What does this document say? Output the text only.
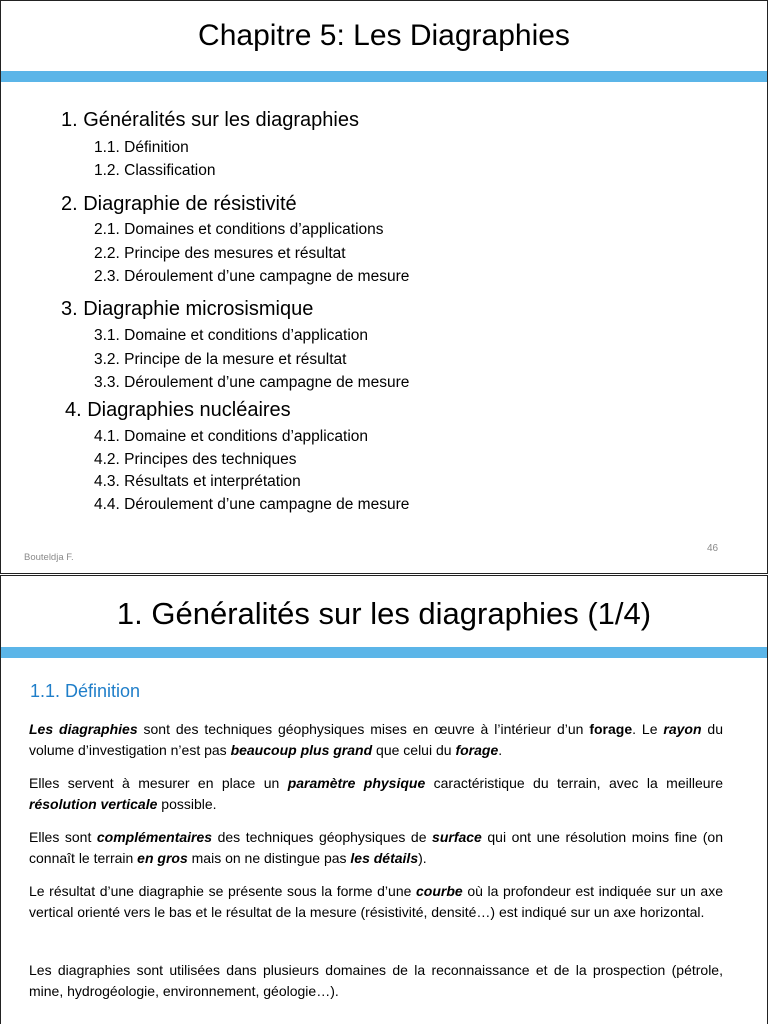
Chapitre 5: Les Diagraphies
1. Généralités sur les diagraphies
1.1. Définition
1.2. Classification
2. Diagraphie de résistivité
2.1. Domaines et conditions d’applications
2.2. Principe des mesures et résultat
2.3. Déroulement d’une campagne de mesure
3. Diagraphie microsismique
3.1. Domaine et conditions d’application
3.2. Principe de la mesure et résultat
3.3. Déroulement d’une campagne de mesure
4. Diagraphies nucléaires
4.1. Domaine et conditions d’application
4.2. Principes des techniques
4.3. Résultats et interprétation
4.4. Déroulement d’une campagne de mesure
Bouteldja F.
46
1. Généralités sur les diagraphies (1/4)
1.1. Définition
Les diagraphies sont des techniques géophysiques mises en œuvre à l’intérieur d’un forage. Le rayon du volume d’investigation n’est pas beaucoup plus grand que celui du forage.
Elles servent à mesurer en place un paramètre physique caractéristique du terrain, avec la meilleure résolution verticale possible.
Elles sont complémentaires des techniques géophysiques de surface qui ont une résolution moins fine (on connaît le terrain en gros mais on ne distingue pas les détails).
Le résultat d’une diagraphie se présente sous la forme d’une courbe où la profondeur est indiquée sur un axe vertical orienté vers le bas et le résultat de la mesure (résistivité, densité…) est indiqué sur un axe horizontal.
Les diagraphies sont utilisées dans plusieurs domaines de la reconnaissance et de la prospection (pétrole, mine, hydrogéologie, environnement, géologie…).
